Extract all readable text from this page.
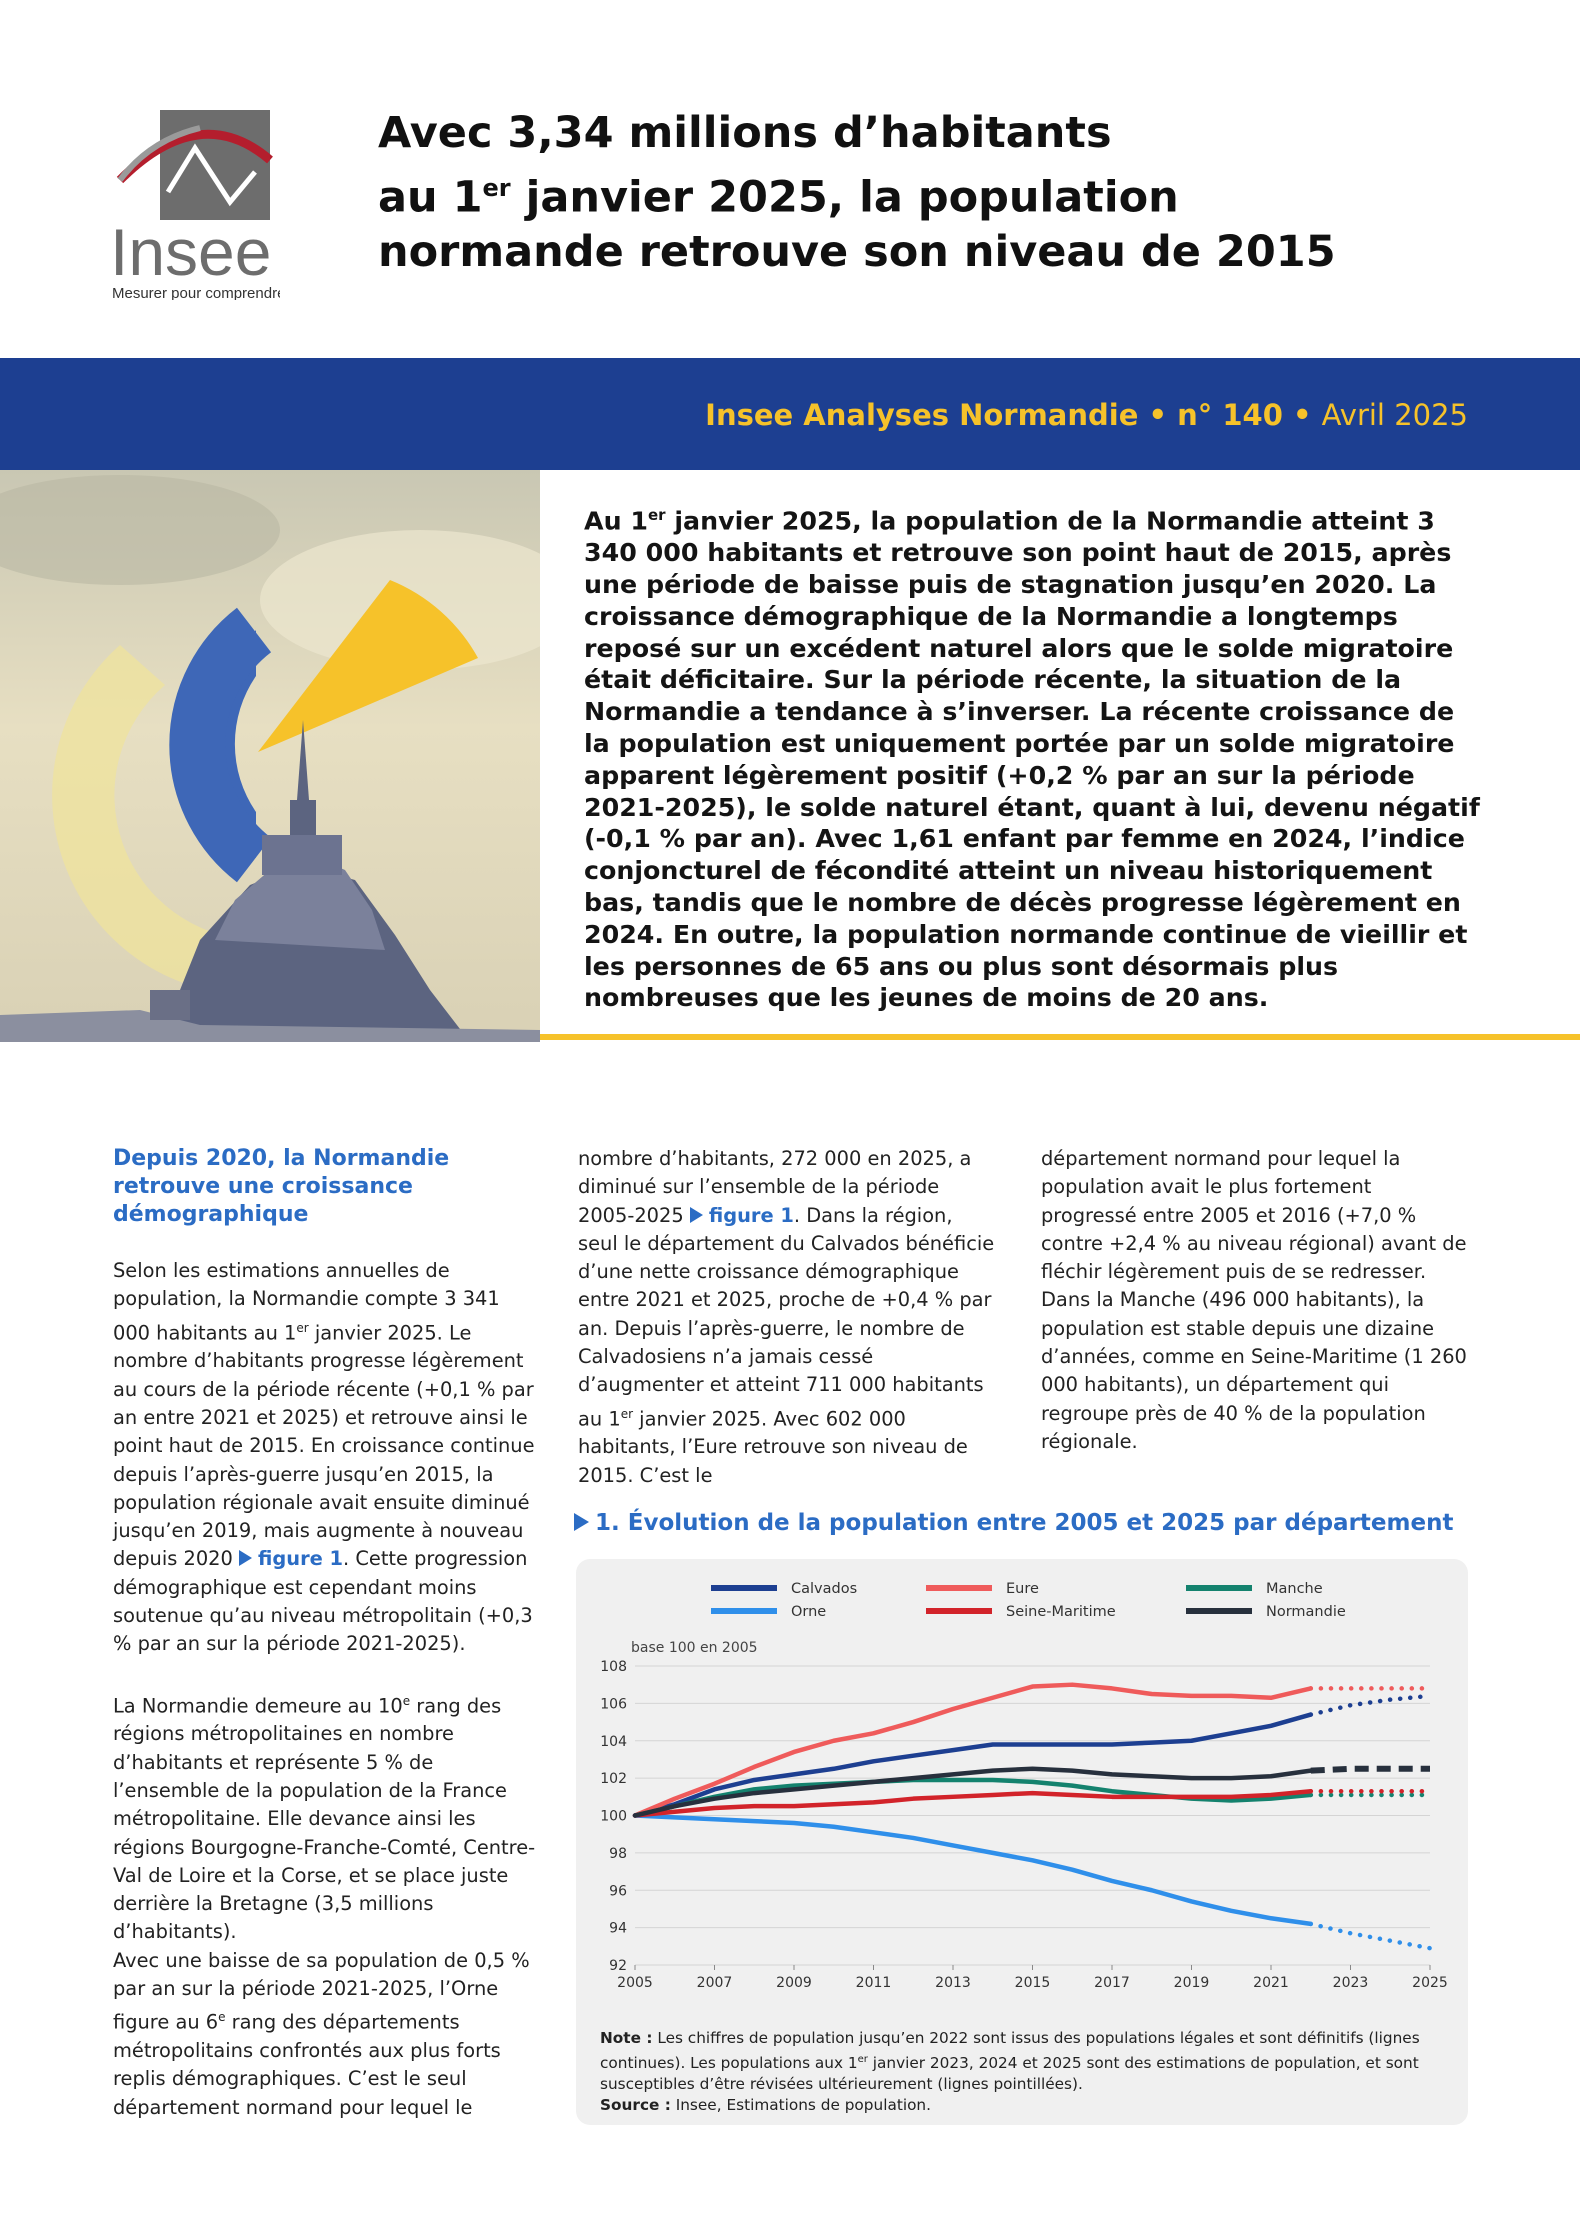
Insee
Mesurer pour comprendre
Avec 3,34 millions d’habitants
au 1er janvier 2025, la population
normande retrouve son niveau de 2015
Insee Analyses Normandie • n° 140 • Avril 2025

Au 1er janvier 2025, la population de la Normandie atteint 3 340 000 habitants et retrouve son point haut de 2015, après une période de baisse puis de stagnation jusqu’en 2020. La croissance démographique de la Normandie a longtemps reposé sur un excédent naturel alors que le solde migratoire était déficitaire. Sur la période récente, la situation de la Normandie a tendance à s’inverser. La récente croissance de la population est uniquement portée par un solde migratoire apparent légèrement positif (+0,2 % par an sur la période 2021-2025), le solde naturel étant, quant à lui, devenu négatif (-0,1 % par an). Avec 1,61 enfant par femme en 2024, l’indice conjoncturel de fécondité atteint un niveau historiquement bas, tandis que le nombre de décès progresse légèrement en 2024. En outre, la population normande continue de vieillir et les personnes de 65 ans ou plus sont désormais plus nombreuses que les jeunes de moins de 20 ans.

Depuis 2020, la Normandie retrouve une croissance démographique

Selon les estimations annuelles de population, la Normandie compte 3 341 000 habitants au 1er janvier 2025. Le nombre d’habitants progresse légèrement au cours de la période récente (+0,1 % par an entre 2021 et 2025) et retrouve ainsi le point haut de 2015. En croissance continue depuis l’après-guerre jusqu’en 2015, la population régionale avait ensuite diminué jusqu’en 2019, mais augmente à nouveau depuis 2020 figure 1. Cette progression démographique est cependant moins soutenue qu’au niveau métropolitain (+0,3 % par an sur la période 2021-2025).

La Normandie demeure au 10e rang des régions métropolitaines en nombre d’habitants et représente 5 % de l’ensemble de la population de la France métropolitaine. Elle devance ainsi les régions Bourgogne-Franche-Comté, Centre-Val de Loire et la Corse, et se place juste derrière la Bretagne (3,5 millions d’habitants).

Avec une baisse de sa population de 0,5 % par an sur la période 2021-2025, l’Orne figure au 6e rang des départements métropolitains confrontés aux plus forts replis démographiques. C’est le seul département normand pour lequel le

nombre d’habitants, 272 000 en 2025, a diminué sur l’ensemble de la période 2005-2025 figure 1. Dans la région, seul le département du Calvados bénéficie d’une nette croissance démographique entre 2021 et 2025, proche de +0,4 % par an. Depuis l’après-guerre, le nombre de Calvadosiens n’a jamais cessé d’augmenter et atteint 711 000 habitants au 1er janvier 2025. Avec 602 000 habitants, l’Eure retrouve son niveau de 2015. C’est le

département normand pour lequel la population avait le plus fortement progressé entre 2005 et 2016 (+7,0 % contre +2,4 % au niveau régional) avant de fléchir légèrement puis de se redresser. Dans la Manche (496 000 habitants), la population est stable depuis une dizaine d’années, comme en Seine-Maritime (1 260 000 habitants), un département qui regroupe près de 40 % de la population régionale.

1. Évolution de la population entre 2005 et 2025 par département
92
94
96
98
100
102
104
106
108
2005	2007	2009	2011	2013	2015	2017	2019	2021	2023	2025
base 100 en 2005
Calvados	Eure	Manche
Orne	Seine-Maritime	Normandie

Note : Les chiffres de population jusqu’en 2022 sont issus des populations légales et sont définitifs (lignes continues). Les populations aux 1er janvier 2023, 2024 et 2025 sont des estimations de population, et sont susceptibles d’être révisées ultérieurement (lignes pointillées).

Source : Insee, Estimations de population.
